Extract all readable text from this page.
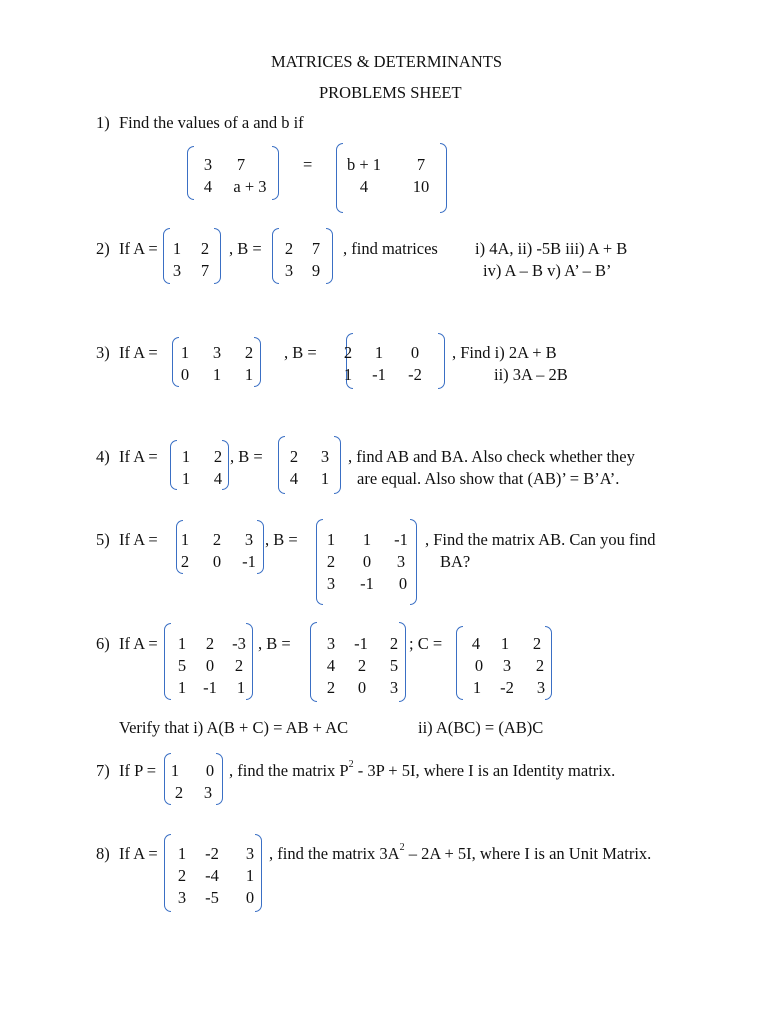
MATRICES & DETERMINANTS
PROBLEMS SHEET
1) Find the values of a and b if
3	7
4	a + 3
=	b + 1	7
4	10
2) If A = 1	2
3	7
, B =	2	7
3	9
, find matrices i) 4A, ii) -5B iii) A + B
iv) A – B v) A’ – B’
3) If A =	1	3	2
0	1	1
, B =	2	1	0
1	-1	-2
, Find i) 2A + B
ii) 3A – 2B
4) If A =	1	2
1	4
, B =	2	3
4	1
, find AB and BA. Also check whether they
are equal. Also show that (AB)’ = B’A’.
5) If A =	1	2	3
2	0	-1
, B =	1	1	-1
2	0	3
3	-1	0
, Find the matrix AB. Can you find
BA?
6) If A =	1	2	-3
5	0	2
1	-1	1
, B =	3	-1	2
4	2	5
2	0	3
; C =	4	1	2
0	3	2
1	-2	3
Verify that i) A(B + C) = AB + AC	ii) A(BC) = (AB)C
7) If P = 1	0
2	3
, find the matrix $P^2 - 3P + 5I$, where I is an Identity matrix.
8) If A =	1	-2	3
2	-4	1
3	-5	0
, find the matrix $3A^2 - 2A + 5I$, where I is an Unit Matrix.
